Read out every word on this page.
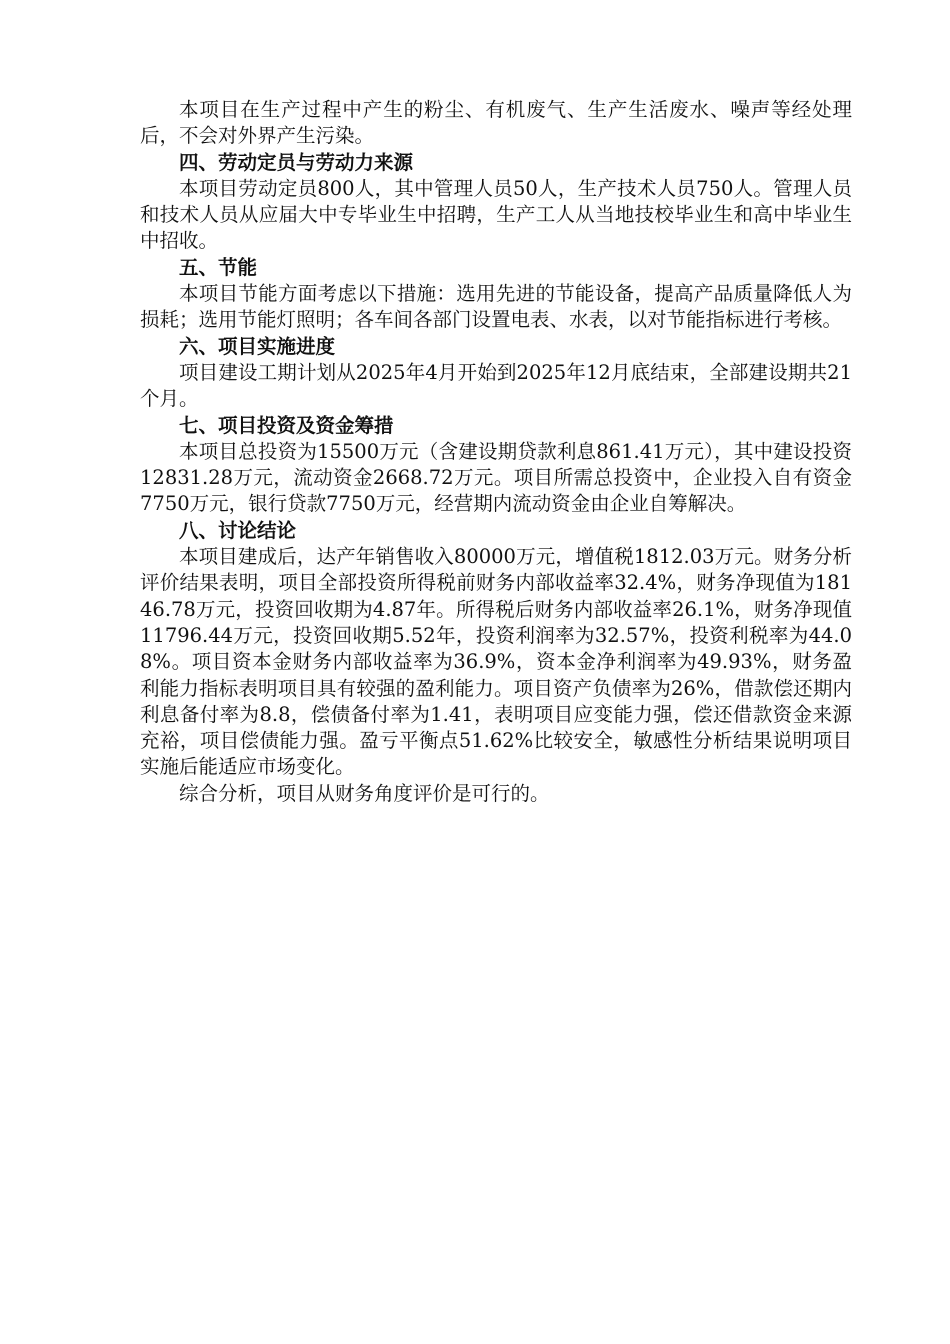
本项目在生产过程中产生的粉尘、有机废气、生产生活废水、噪声等经处理后，不会对外界产生污染。

四、劳动定员与劳动力来源

本项目劳动定员800人，其中管理人员50人，生产技术人员750人。管理人员和技术人员从应届大中专毕业生中招聘，生产工人从当地技校毕业生和高中毕业生中招收。

五、节能

本项目节能方面考虑以下措施：选用先进的节能设备，提高产品质量降低人为损耗；选用节能灯照明；各车间各部门设置电表、水表，以对节能指标进行考核。

六、项目实施进度

项目建设工期计划从2025年4月开始到2025年12月底结束，全部建设期共21个月。

七、项目投资及资金筹措

本项目总投资为15500万元（含建设期贷款利息861.41万元），其中建设投资12831.28万元，流动资金2668.72万元。项目所需总投资中，企业投入自有资金7750万元，银行贷款7750万元，经营期内流动资金由企业自筹解决。

八、讨论结论

本项目建成后，达产年销售收入80000万元，增值税1812.03万元。财务分析评价结果表明，项目全部投资所得税前财务内部收益率32.4%，财务净现值为18146.78万元，投资回收期为4.87年。所得税后财务内部收益率26.1%，财务净现值11796.44万元，投资回收期5.52年，投资利润率为32.57%，投资利税率为44.08%。项目资本金财务内部收益率为36.9%，资本金净利润率为49.93%，财务盈利能力指标表明项目具有较强的盈利能力。项目资产负债率为26%，借款偿还期内利息备付率为8.8，偿债备付率为1.41，表明项目应变能力强，偿还借款资金来源充裕，项目偿债能力强。盈亏平衡点51.62%比较安全，敏感性分析结果说明项目实施后能适应市场变化。

综合分析，项目从财务角度评价是可行的。
